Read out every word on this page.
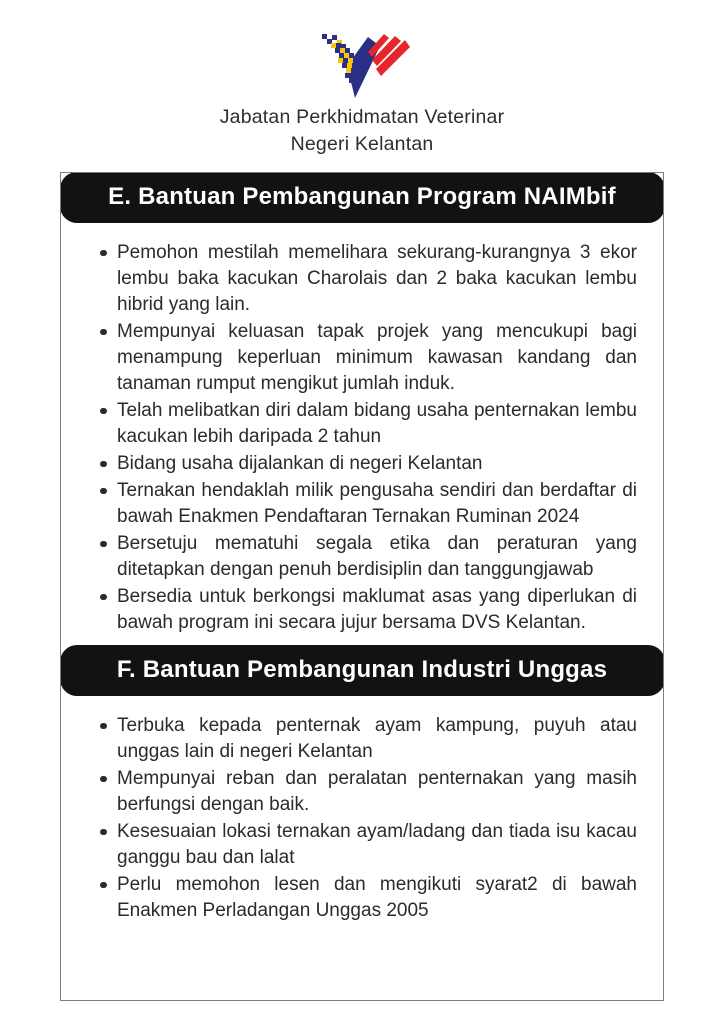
Jabatan Perkhidmatan Veterinar
Negeri Kelantan
E. Bantuan Pembangunan Program NAIMbif
Pemohon mestilah memelihara sekurang-kurangnya 3 ekor lembu baka kacukan Charolais dan 2 baka kacukan lembu hibrid yang lain.
Mempunyai keluasan tapak projek yang mencukupi bagi menampung keperluan minimum kawasan kandang dan tanaman rumput mengikut jumlah induk.
Telah melibatkan diri dalam bidang usaha penternakan lembu kacukan lebih daripada 2 tahun
Bidang usaha dijalankan di negeri Kelantan
Ternakan hendaklah milik pengusaha sendiri dan berdaftar di bawah Enakmen Pendaftaran Ternakan Ruminan 2024
Bersetuju mematuhi segala etika dan peraturan yang ditetapkan dengan penuh berdisiplin dan tanggungjawab
Bersedia untuk berkongsi maklumat asas yang diperlukan di bawah program ini secara jujur bersama DVS Kelantan.
F. Bantuan Pembangunan Industri Unggas
Terbuka kepada penternak ayam kampung, puyuh atau unggas lain di negeri Kelantan
Mempunyai reban dan peralatan penternakan yang masih berfungsi dengan baik.
Kesesuaian lokasi ternakan ayam/ladang dan tiada isu kacau ganggu bau dan lalat
Perlu memohon lesen dan mengikuti syarat2 di bawah Enakmen Perladangan Unggas 2005
